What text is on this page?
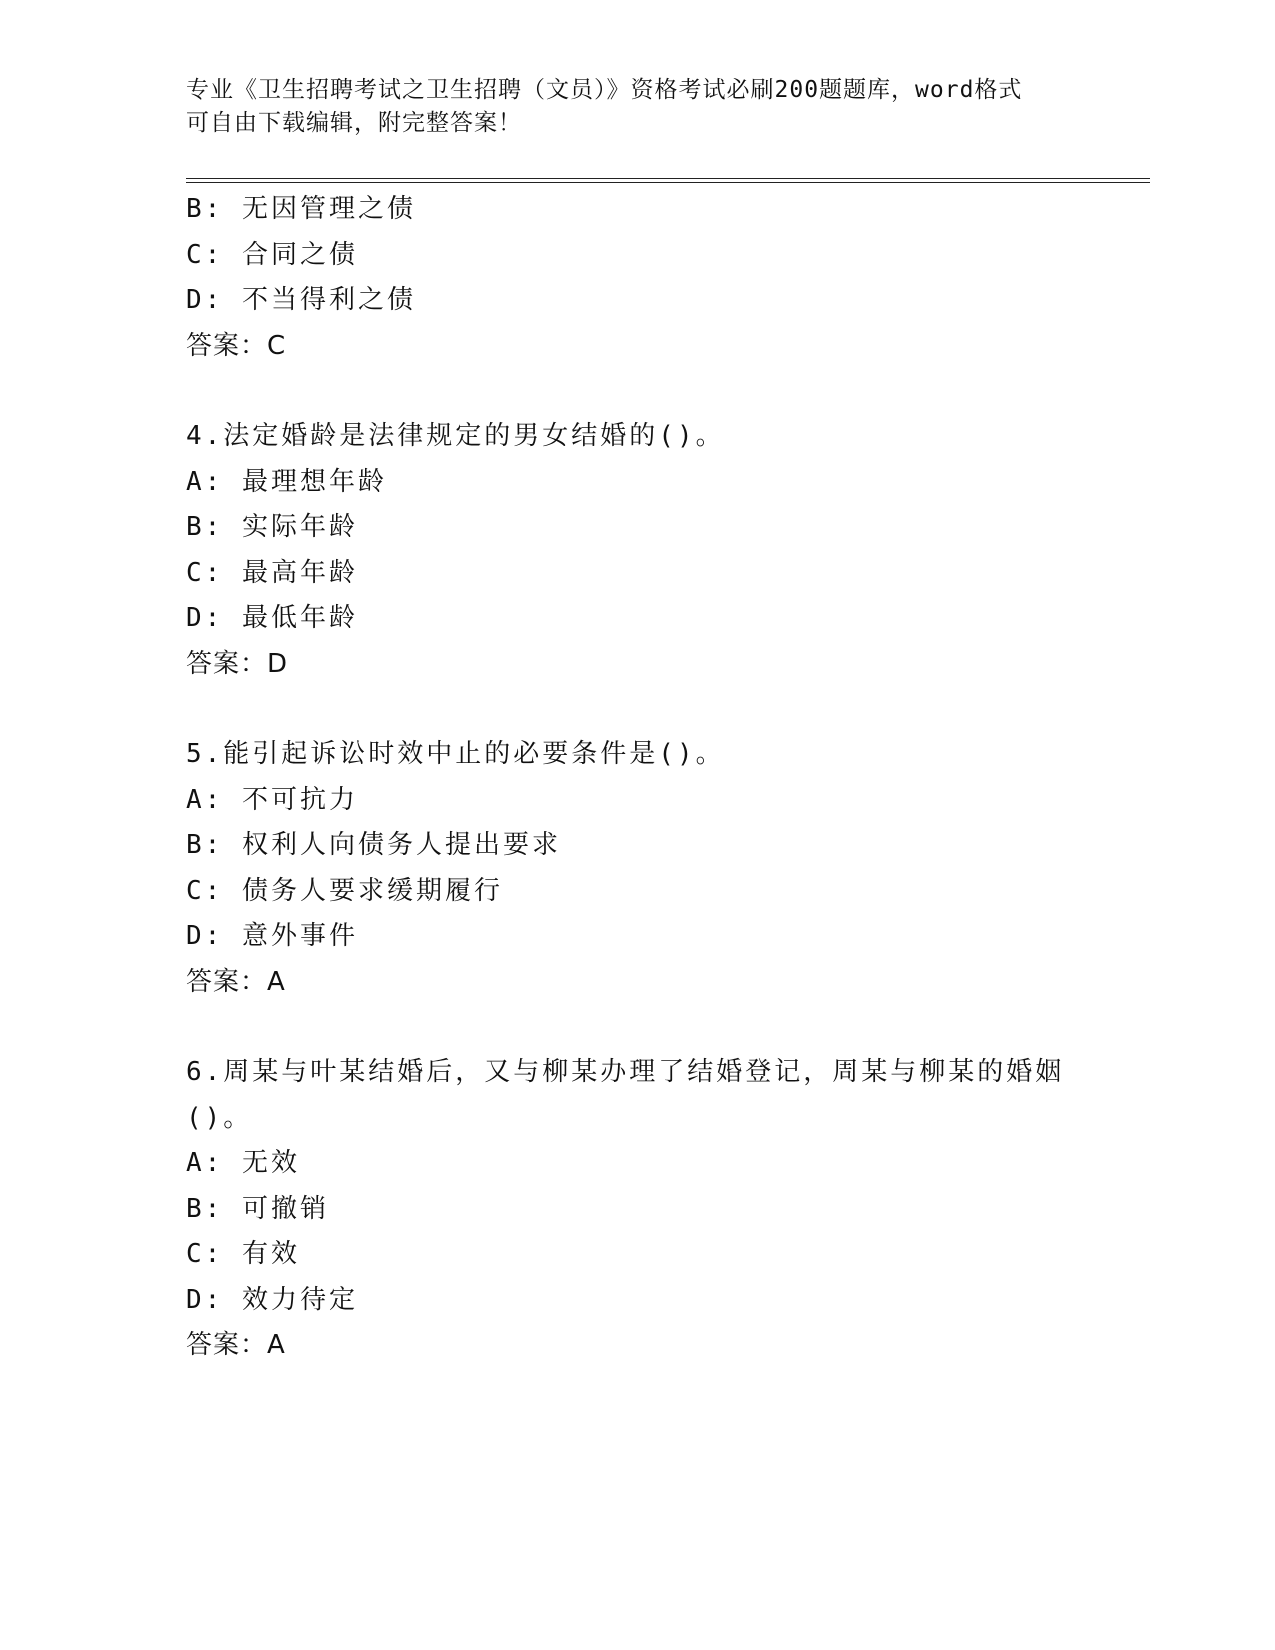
专业《卫生招聘考试之卫生招聘（文员）》资格考试必刷200题题库，word格式
可自由下载编辑，附完整答案！
B: 无因管理之债
C: 合同之债
D: 不当得利之债
答案：C
4.法定婚龄是法律规定的男女结婚的()。
A: 最理想年龄
B: 实际年龄
C: 最高年龄
D: 最低年龄
答案：D
5.能引起诉讼时效中止的必要条件是()。
A: 不可抗力
B: 权利人向债务人提出要求
C: 债务人要求缓期履行
D: 意外事件
答案：A
6.周某与叶某结婚后，又与柳某办理了结婚登记，周某与柳某的婚姻
()。
A: 无效
B: 可撤销
C: 有效
D: 效力待定
答案：A
